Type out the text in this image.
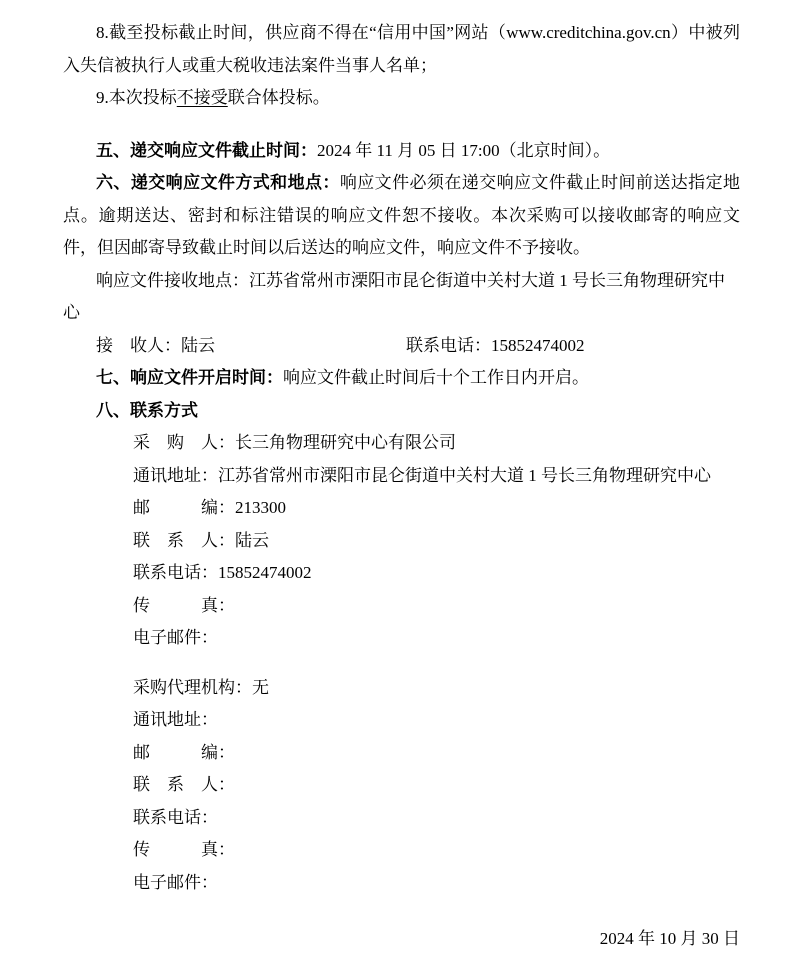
8.截至投标截止时间，供应商不得在“信用中国”网站（www.creditchina.gov.cn）中被列入失信被执行人或重大税收违法案件当事人名单；

9.本次投标不接受联合体投标。

五、递交响应文件截止时间：2024 年 11 月 05 日 17:00（北京时间）。

六、递交响应文件方式和地点：响应文件必须在递交响应文件截止时间前送达指定地点。逾期送达、密封和标注错误的响应文件恕不接收。本次采购可以接收邮寄的响应文件，但因邮寄导致截止时间以后送达的响应文件，响应文件不予接收。

响应文件接收地点：江苏省常州市溧阳市昆仑街道中关村大道 1 号长三角物理研究中心

接　收人：陆云	联系电话：15852474002

七、响应文件开启时间：响应文件截止时间后十个工作日内开启。

八、联系方式

采　购　人：长三角物理研究中心有限公司

通讯地址：江苏省常州市溧阳市昆仑街道中关村大道 1 号长三角物理研究中心

邮　　　编：213300

联　系　人：陆云

联系电话：15852474002

传　　　真：

电子邮件：

采购代理机构：无

通讯地址：

邮　　　编：

联　系　人：

联系电话：

传　　　真：

电子邮件：

2024 年 10 月 30 日
